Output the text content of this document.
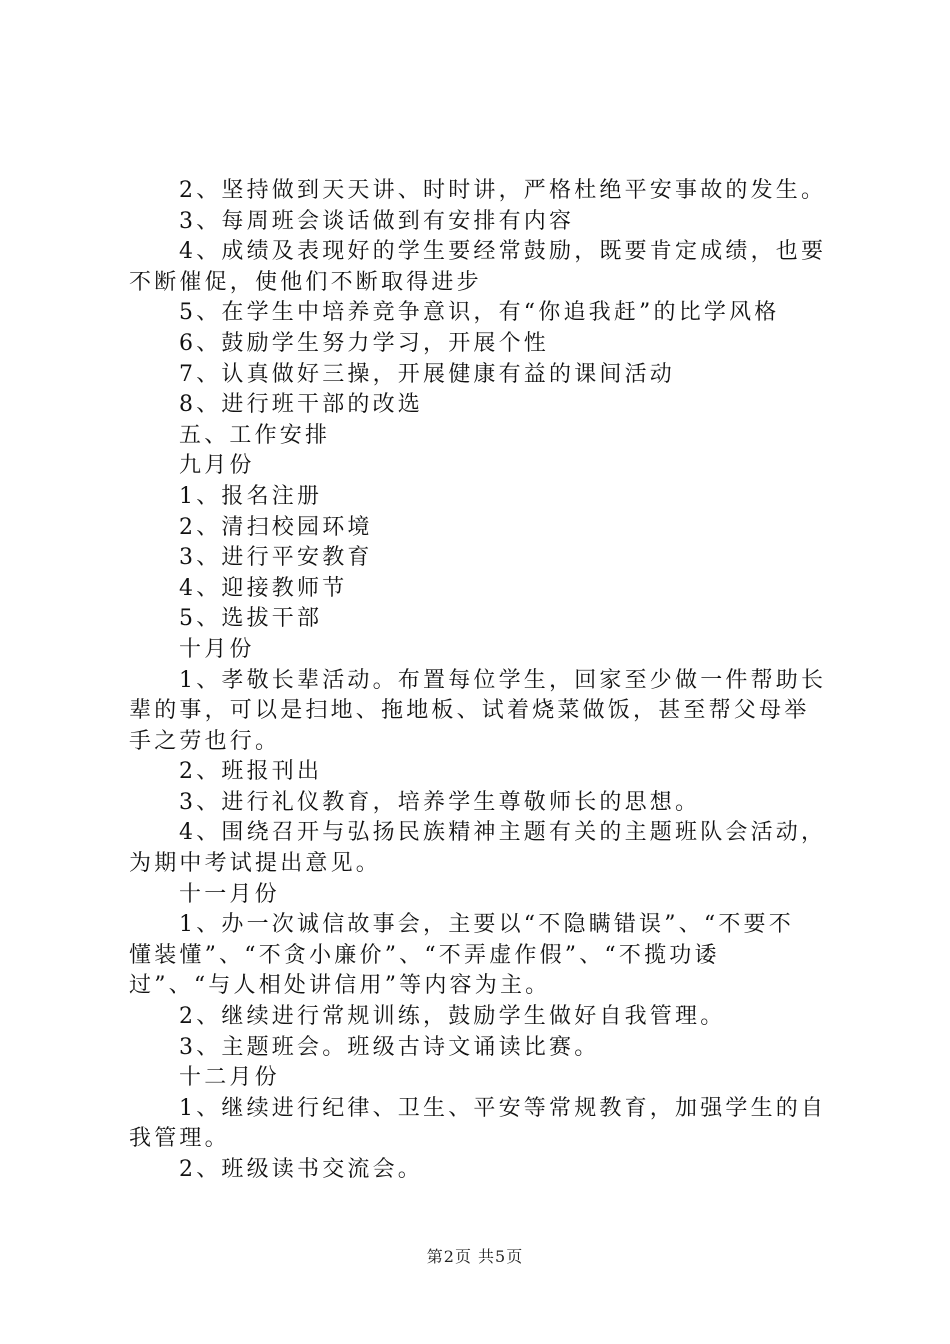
2、坚持做到天天讲、时时讲，严格杜绝平安事故的发生。
3、每周班会谈话做到有安排有内容
4、成绩及表现好的学生要经常鼓励，既要肯定成绩，也要
不断催促，使他们不断取得进步
5、在学生中培养竞争意识，有“你追我赶”的比学风格
6、鼓励学生努力学习，开展个性
7、认真做好三操，开展健康有益的课间活动
8、进行班干部的改选
五、工作安排
九月份
1、报名注册
2、清扫校园环境
3、进行平安教育
4、迎接教师节
5、选拔干部
十月份
1、孝敬长辈活动。布置每位学生，回家至少做一件帮助长
辈的事，可以是扫地、拖地板、试着烧菜做饭，甚至帮父母举
手之劳也行。
2、班报刊出
3、进行礼仪教育，培养学生尊敬师长的思想。
4、围绕召开与弘扬民族精神主题有关的主题班队会活动，
为期中考试提出意见。
十一月份
1、办一次诚信故事会，主要以“不隐瞒错误”、“不要不
懂装懂”、“不贪小廉价”、“不弄虚作假”、“不揽功诿
过”、“与人相处讲信用”等内容为主。
2、继续进行常规训练，鼓励学生做好自我管理。
3、主题班会。班级古诗文诵读比赛。
十二月份
1、继续进行纪律、卫生、平安等常规教育，加强学生的自
我管理。
2、班级读书交流会。
第2页 共5页
